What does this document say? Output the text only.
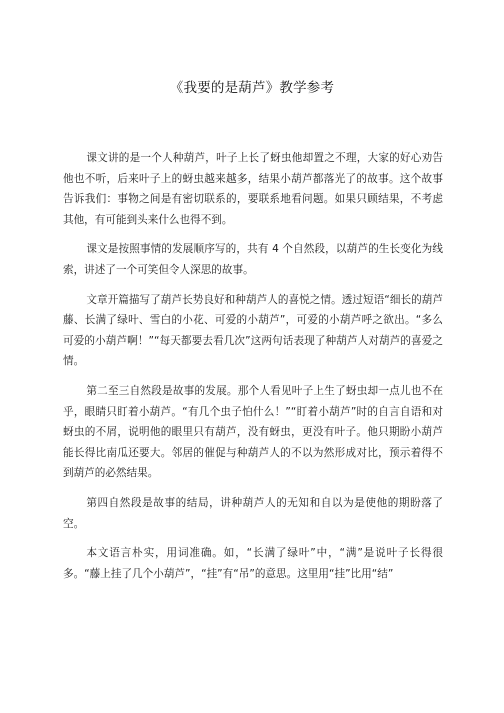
《我要的是葫芦》教学参考

课文讲的是一个人种葫芦，叶子上长了蚜虫他却置之不理，大家的好心劝告他也不听，后来叶子上的蚜虫越来越多，结果小葫芦都落光了的故事。这个故事告诉我们：事物之间是有密切联系的，要联系地看问题。如果只顾结果，不考虑其他，有可能到头来什么也得不到。

课文是按照事情的发展顺序写的，共有 4 个自然段，以葫芦的生长变化为线索，讲述了一个可笑但令人深思的故事。

文章开篇描写了葫芦长势良好和种葫芦人的喜悦之情。透过短语“细长的葫芦藤、长满了绿叶、雪白的小花、可爱的小葫芦”，可爱的小葫芦呼之欲出。“多么可爱的小葫芦啊！”“每天都要去看几次”这两句话表现了种葫芦人对葫芦的喜爱之情。

第二至三自然段是故事的发展。那个人看见叶子上生了蚜虫却一点儿也不在乎，眼睛只盯着小葫芦。“有几个虫子怕什么！”“盯着小葫芦”时的自言自语和对蚜虫的不屑，说明他的眼里只有葫芦，没有蚜虫，更没有叶子。他只期盼小葫芦能长得比南瓜还要大。邻居的催促与种葫芦人的不以为然形成对比，预示着得不到葫芦的必然结果。

第四自然段是故事的结局，讲种葫芦人的无知和自以为是使他的期盼落了空。

本文语言朴实，用词准确。如，“长满了绿叶”中，“满”是说叶子长得很多。“藤上挂了几个小葫芦”，“挂”有“吊”的意思。这里用“挂”比用“结”
